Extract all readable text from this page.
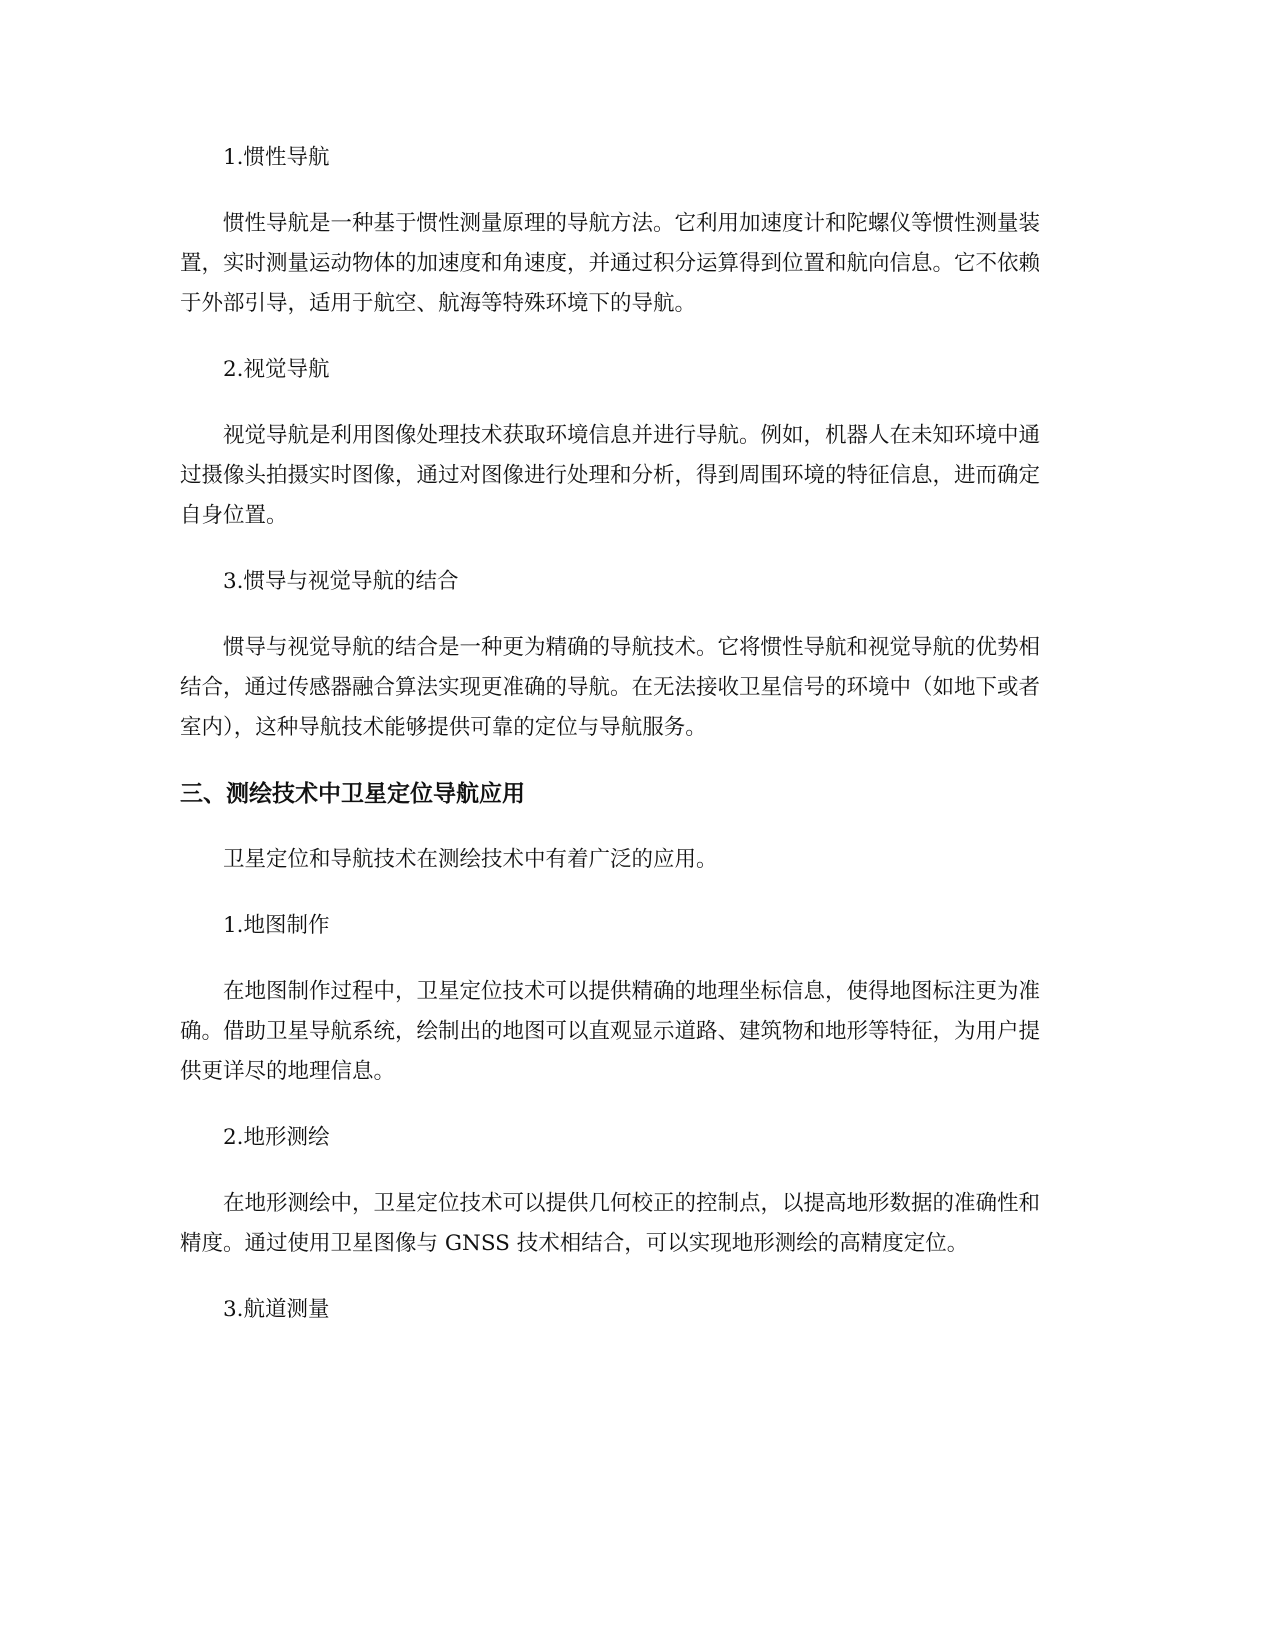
1.惯性导航
惯性导航是一种基于惯性测量原理的导航方法。它利用加速度计和陀螺仪等惯性测量装置，实时测量运动物体的加速度和角速度，并通过积分运算得到位置和航向信息。它不依赖于外部引导，适用于航空、航海等特殊环境下的导航。
2.视觉导航
视觉导航是利用图像处理技术获取环境信息并进行导航。例如，机器人在未知环境中通过摄像头拍摄实时图像，通过对图像进行处理和分析，得到周围环境的特征信息，进而确定自身位置。
3.惯导与视觉导航的结合
惯导与视觉导航的结合是一种更为精确的导航技术。它将惯性导航和视觉导航的优势相结合，通过传感器融合算法实现更准确的导航。在无法接收卫星信号的环境中（如地下或者室内），这种导航技术能够提供可靠的定位与导航服务。
三、测绘技术中卫星定位导航应用
卫星定位和导航技术在测绘技术中有着广泛的应用。
1.地图制作
在地图制作过程中，卫星定位技术可以提供精确的地理坐标信息，使得地图标注更为准确。借助卫星导航系统，绘制出的地图可以直观显示道路、建筑物和地形等特征，为用户提供更详尽的地理信息。
2.地形测绘
在地形测绘中，卫星定位技术可以提供几何校正的控制点，以提高地形数据的准确性和精度。通过使用卫星图像与 GNSS 技术相结合，可以实现地形测绘的高精度定位。
3.航道测量
